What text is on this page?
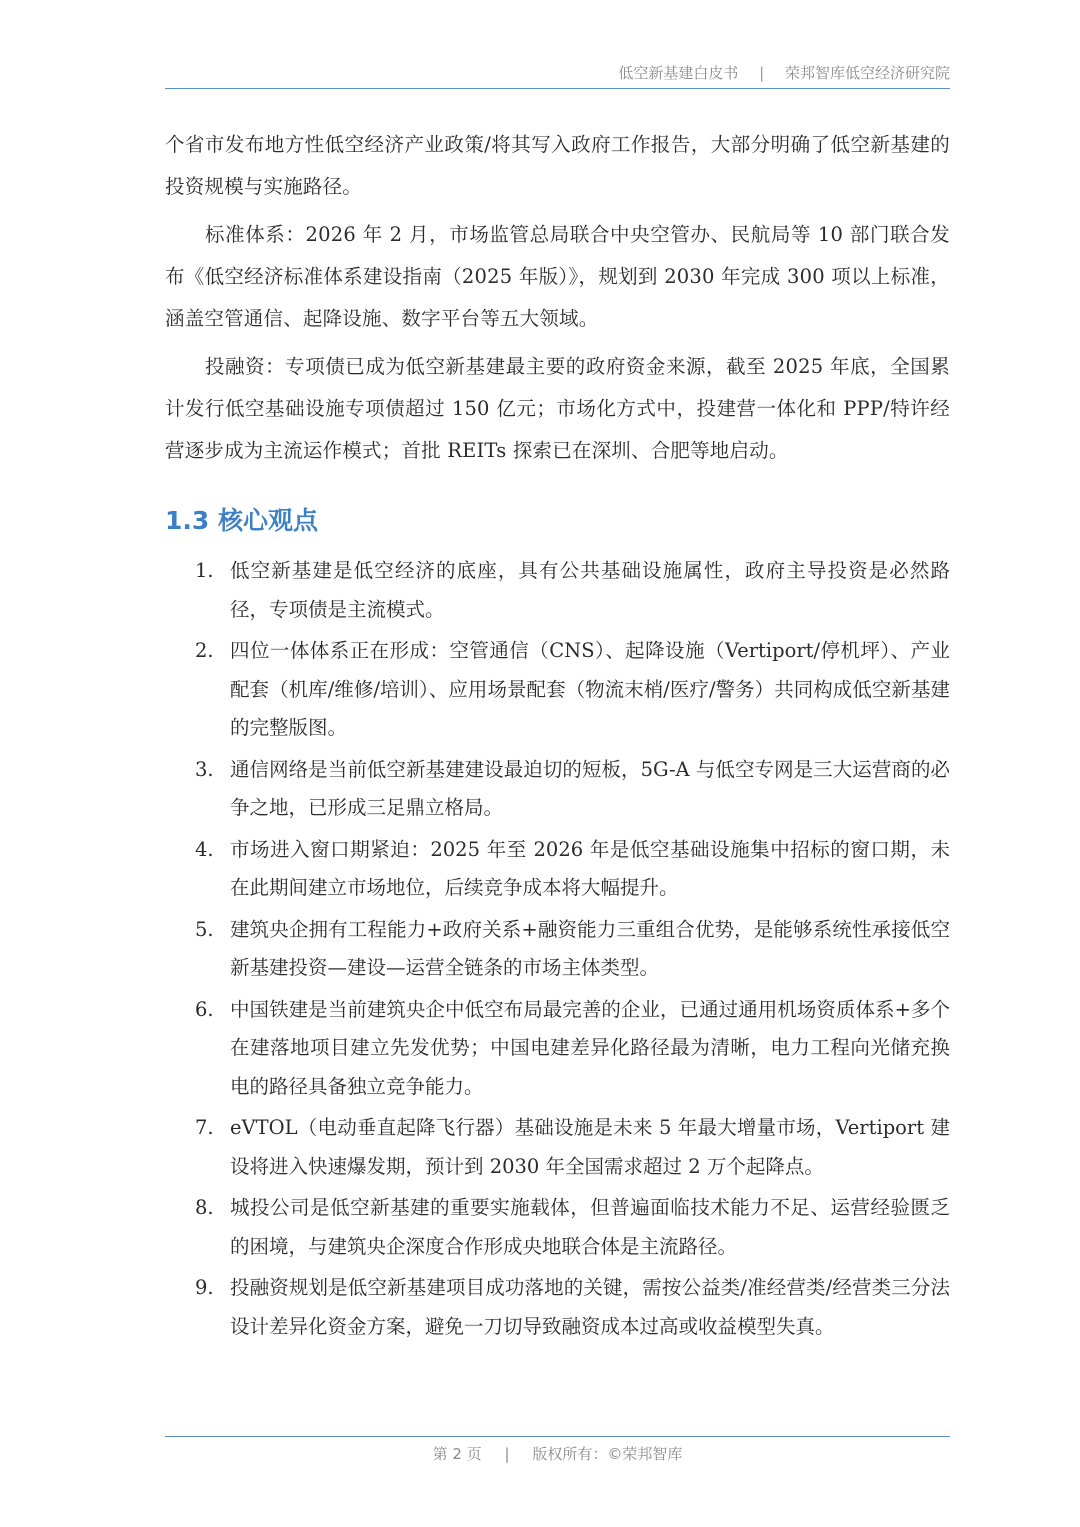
低空新基建白皮书 | 荣邦智库低空经济研究院

个省市发布地方性低空经济产业政策/将其写入政府工作报告，大部分明确了低空新基建的投资规模与实施路径。

标准体系：2026 年 2 月，市场监管总局联合中央空管办、民航局等 10 部门联合发布《低空经济标准体系建设指南（2025 年版）》，规划到 2030 年完成 300 项以上标准，涵盖空管通信、起降设施、数字平台等五大领域。

投融资：专项债已成为低空新基建最主要的政府资金来源，截至 2025 年底，全国累计发行低空基础设施专项债超过 150 亿元；市场化方式中，投建营一体化和 PPP/特许经营逐步成为主流运作模式；首批 REITs 探索已在深圳、合肥等地启动。

1.3 核心观点
1. 低空新基建是低空经济的底座，具有公共基础设施属性，政府主导投资是必然路径，专项债是主流模式。
2. 四位一体体系正在形成：空管通信（CNS）、起降设施（Vertiport/停机坪）、产业配套（机库/维修/培训）、应用场景配套（物流末梢/医疗/警务）共同构成低空新基建的完整版图。
3. 通信网络是当前低空新基建建设最迫切的短板，5G-A 与低空专网是三大运营商的必争之地，已形成三足鼎立格局。
4. 市场进入窗口期紧迫：2025 年至 2026 年是低空基础设施集中招标的窗口期，未在此期间建立市场地位，后续竞争成本将大幅提升。
5. 建筑央企拥有工程能力+政府关系+融资能力三重组合优势，是能够系统性承接低空新基建投资—建设—运营全链条的市场主体类型。
6. 中国铁建是当前建筑央企中低空布局最完善的企业，已通过通用机场资质体系+多个在建落地项目建立先发优势；中国电建差异化路径最为清晰，电力工程向光储充换电的路径具备独立竞争能力。
7. eVTOL（电动垂直起降飞行器）基础设施是未来 5 年最大增量市场，Vertiport 建设将进入快速爆发期，预计到 2030 年全国需求超过 2 万个起降点。
8. 城投公司是低空新基建的重要实施载体，但普遍面临技术能力不足、运营经验匮乏的困境，与建筑央企深度合作形成央地联合体是主流路径。
9. 投融资规划是低空新基建项目成功落地的关键，需按公益类/准经营类/经营类三分法设计差异化资金方案，避免一刀切导致融资成本过高或收益模型失真。
第 2 页 | 版权所有：©荣邦智库
